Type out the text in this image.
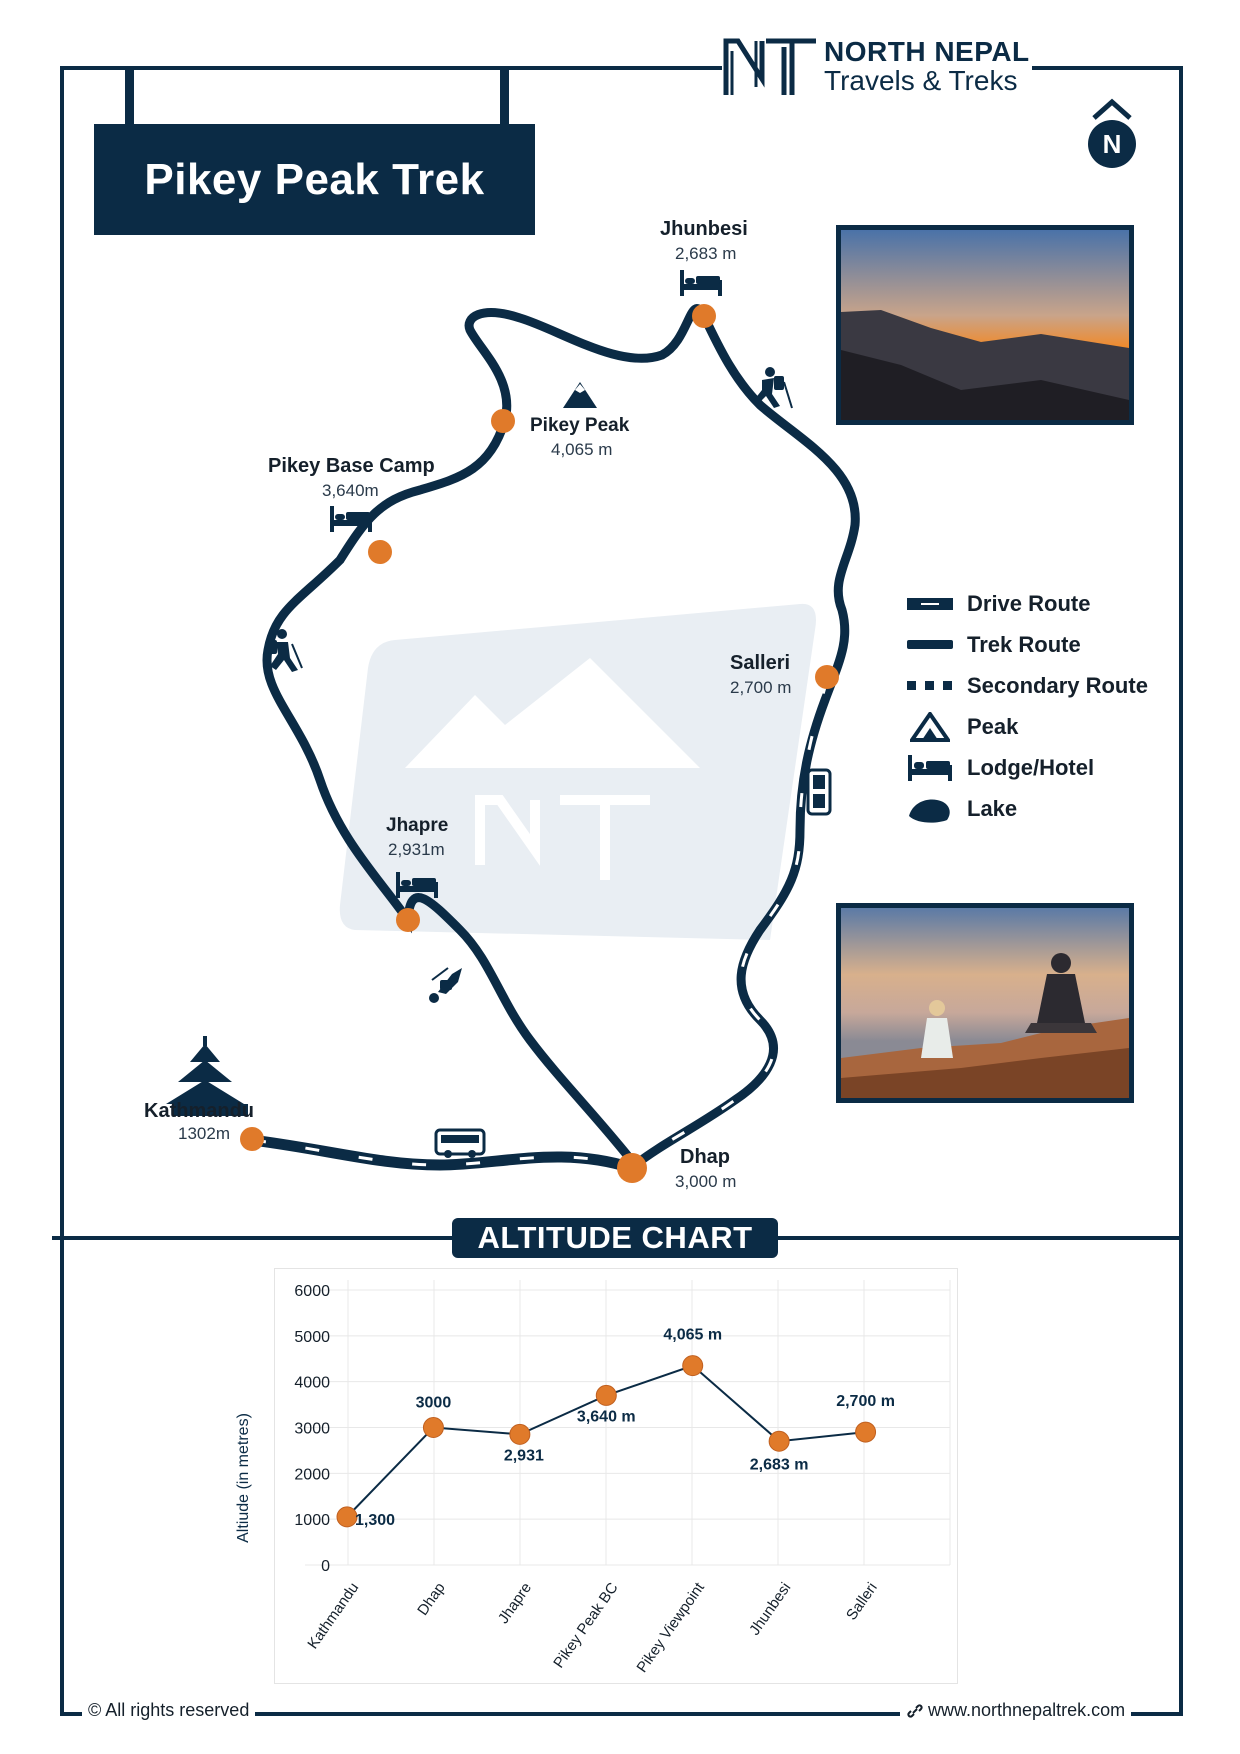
NORTH NEPAL
Travels & Treks
Pikey Peak Trek
N
Jhunbesi
2,683 m
Pikey Peak
4,065 m
Pikey Base Camp
3,640m
Salleri
2,700 m
Jhapre
2,931m
Kathmandu
1302m
Dhap
3,000 m
Drive Route
Trek Route
Secondary Route
Peak
Lodge/Hotel
Lake
ALTITUDE CHART
0
1000
2000
3000
4000
5000
6000
Kathmandu	Dhap	Jhapre Pikey Peak BC Pikey Viewpoint	Jhunbesi	Salleri
1,300
3000
2,931
3,640 m
4,065 m
2,683 m
2,700 m
Altiude (in metres)
© All rights reserved	www.northnepaltrek.com
